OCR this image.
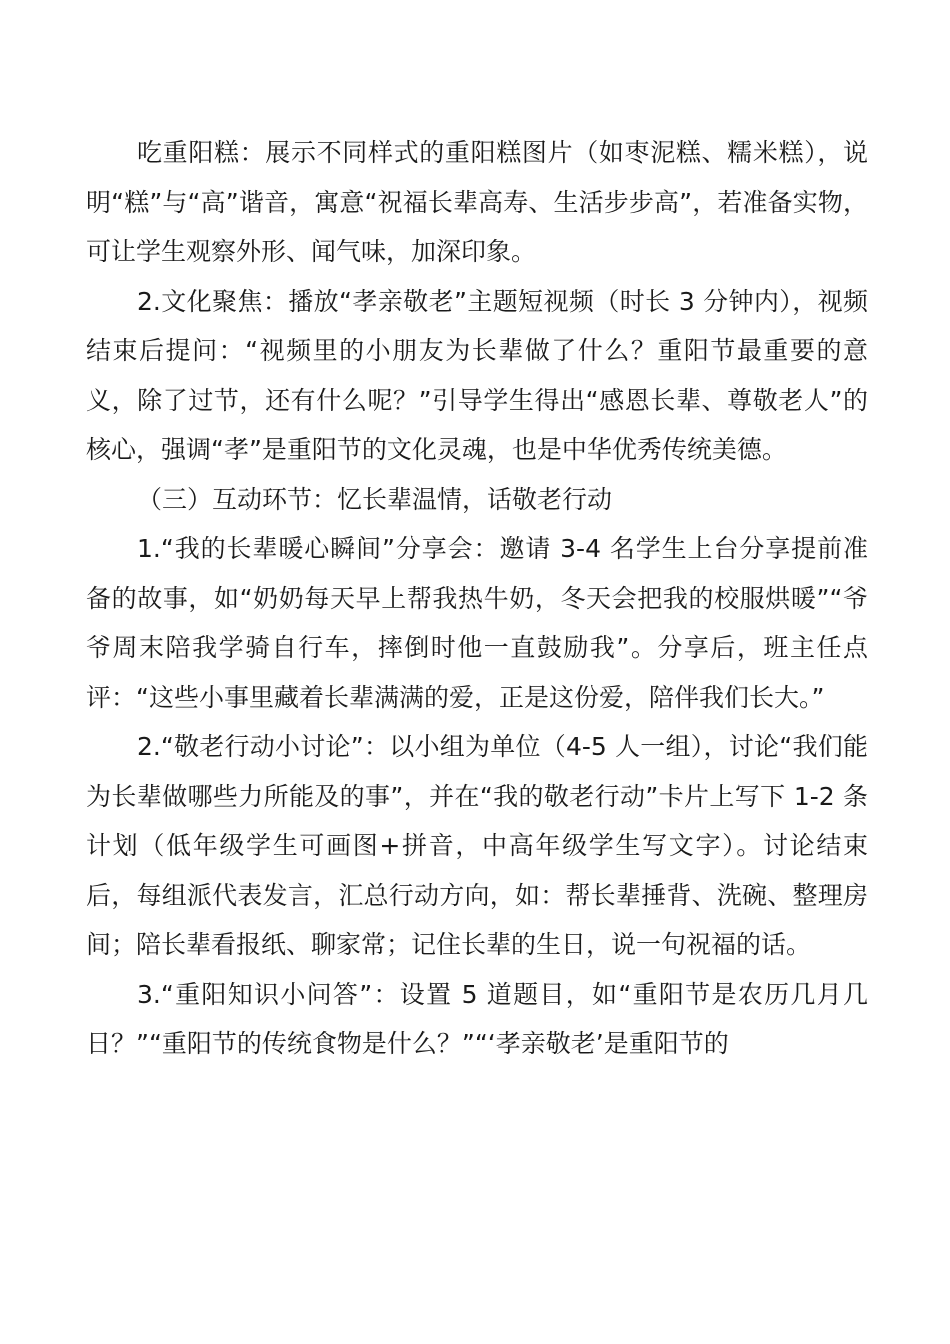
吃重阳糕：展示不同样式的重阳糕图片（如枣泥糕、糯米糕），说明“糕”与“高”谐音，寓意“祝福长辈高寿、生活步步高”，若准备实物，可让学生观察外形、闻气味，加深印象。

2.文化聚焦：播放“孝亲敬老”主题短视频（时长 3 分钟内），视频结束后提问：“视频里的小朋友为长辈做了什么？重阳节最重要的意义，除了过节，还有什么呢？”引导学生得出“感恩长辈、尊敬老人”的核心，强调“孝”是重阳节的文化灵魂，也是中华优秀传统美德。

（三）互动环节：忆长辈温情，话敬老行动

1.“我的长辈暖心瞬间”分享会：邀请 3-4 名学生上台分享提前准备的故事，如“奶奶每天早上帮我热牛奶，冬天会把我的校服烘暖”“爷爷周末陪我学骑自行车，摔倒时他一直鼓励我”。分享后，班主任点评：“这些小事里藏着长辈满满的爱，正是这份爱，陪伴我们长大。”

2.“敬老行动小讨论”：以小组为单位（4-5 人一组），讨论“我们能为长辈做哪些力所能及的事”，并在“我的敬老行动”卡片上写下 1-2 条计划（低年级学生可画图+拼音，中高年级学生写文字）。讨论结束后，每组派代表发言，汇总行动方向，如：帮长辈捶背、洗碗、整理房间；陪长辈看报纸、聊家常；记住长辈的生日，说一句祝福的话。

3.“重阳知识小问答”：设置 5 道题目，如“重阳节是农历几月几日？”“重阳节的传统食物是什么？”“‘孝亲敬老’是重阳节的
